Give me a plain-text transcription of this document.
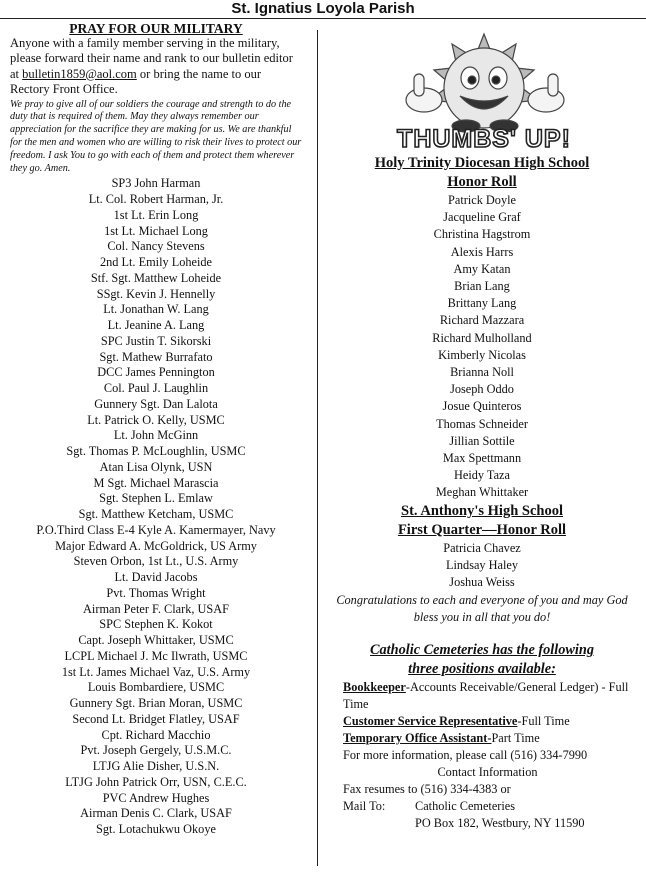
St. Ignatius Loyola Parish
PRAY FOR OUR MILITARY
Anyone with a family member serving in the military, please forward their name and rank to our bulletin editor at bulletin1859@aol.com or bring the name to our Rectory Front Office.
We pray to give all of our soldiers the courage and strength to do the duty that is required of them. May they always remember our appreciation for the sacrifice they are making for us. We are thankful for the men and women who are willing to risk their lives to protect our freedom. I ask You to go with each of them and protect them wherever they go. Amen.
SP3 John Harman
Lt. Col. Robert Harman, Jr.
1st Lt. Erin Long
1st Lt. Michael Long
Col. Nancy Stevens
2nd Lt. Emily Loheide
Stf. Sgt. Matthew Loheide
SSgt. Kevin J. Hennelly
Lt. Jonathan W. Lang
Lt. Jeanine A. Lang
SPC Justin T. Sikorski
Sgt. Mathew Burrafato
DCC James Pennington
Col. Paul J. Laughlin
Gunnery Sgt. Dan Lalota
Lt. Patrick O. Kelly, USMC
Lt. John McGinn
Sgt. Thomas P. McLoughlin, USMC
Atan Lisa Olynk, USN
M Sgt. Michael Marascia
Sgt. Stephen L. Emlaw
Sgt. Matthew Ketcham, USMC
P.O.Third Class E-4 Kyle A. Kamermayer, Navy
Major Edward A. McGoldrick, US Army
Steven Orbon, 1st Lt., U.S. Army
Lt. David Jacobs
Pvt. Thomas Wright
Airman Peter F. Clark, USAF
SPC Stephen K. Kokot
Capt. Joseph Whittaker, USMC
LCPL Michael J. Mc Ilwrath, USMC
1st Lt. James Michael Vaz, U.S. Army
Louis Bombardiere, USMC
Gunnery Sgt. Brian Moran, USMC
Second Lt. Bridget Flatley, USAF
Cpt. Richard Macchio
Pvt. Joseph Gergely, U.S.M.C.
LTJG Alie Disher, U.S.N.
LTJG John Patrick Orr, USN, C.E.C.
PVC Andrew Hughes
Airman Denis C. Clark, USAF
Sgt. Lotachukwu Okoye
THUMBS' UP!
Holy Trinity Diocesan High School
Honor Roll
Patrick Doyle
Jacqueline Graf
Christina Hagstrom
Alexis Harrs
Amy Katan
Brian Lang
Brittany Lang
Richard Mazzara
Richard Mulholland
Kimberly Nicolas
Brianna Noll
Joseph Oddo
Josue Quinteros
Thomas Schneider
Jillian Sottile
Max Spettmann
Heidy Taza
Meghan Whittaker
St. Anthony's High School
First Quarter—Honor Roll
Patricia Chavez
Lindsay Haley
Joshua Weiss
Congratulations to each and everyone of you and may God bless you in all that you do!
Catholic Cemeteries has the following
three positions available:
Bookkeeper-Accounts Receivable/General Ledger) - Full Time
Customer Service Representative-Full Time
Temporary Office Assistant-Part Time
For more information, please call (516) 334-7990
Contact Information
Fax resumes to (516) 334-4383 or
Mail To:	Catholic Cemeteries
PO Box 182, Westbury, NY 11590
